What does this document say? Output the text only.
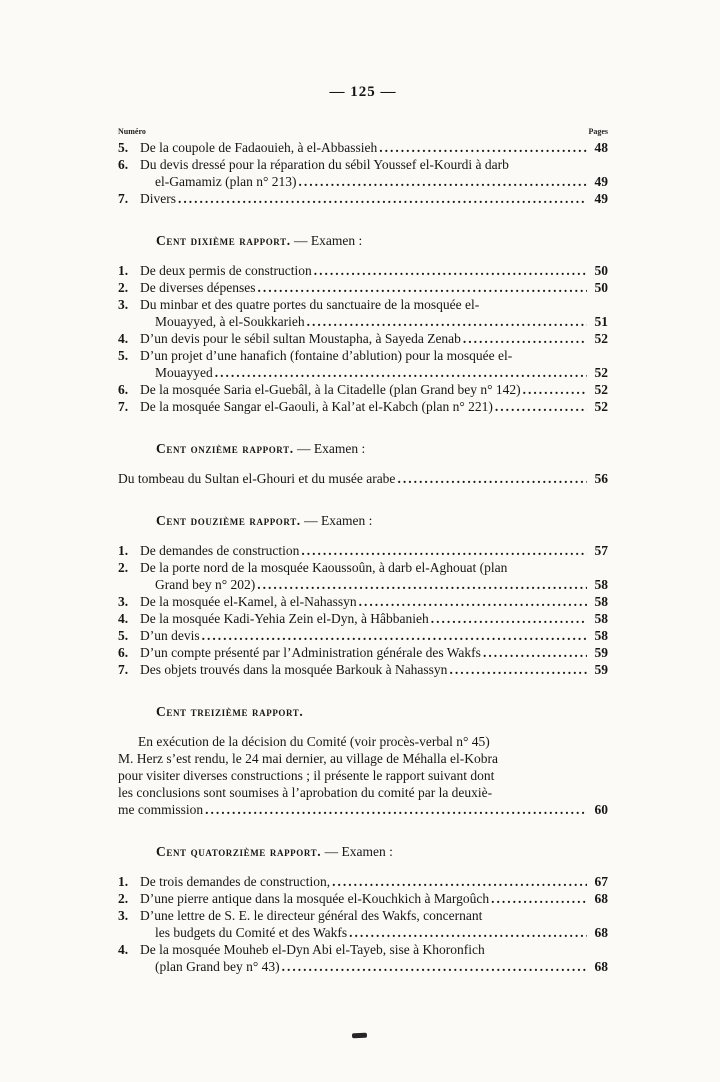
— 125 —
Numéro	Pages
5. De la coupole de Fadaouieh, à el-Abbassieh .....	48
6. Du devis dressé pour la réparation du sébil Youssef el-Kourdi à darb
el-Gamamiz (plan n° 213) .....	49
7. Divers .....	49
Cent dixième rapport. — Examen :
1. De deux permis de construction .....	50
2. De diverses dépenses .....	50
3. Du minbar et des quatre portes du sanctuaire de la mosquée el-
Mouayyed, à el-Soukkarieh .....	51
4. D’un devis pour le sébil sultan Moustapha, à Sayeda Zenab .....	52
5. D’un projet d’une hanafich (fontaine d’ablution) pour la mosquée el-
Mouayyed .....	52
6. De la mosquée Saria el-Guebâl, à la Citadelle (plan Grand bey n° 142) .....	52
7. De la mosquée Sangar el-Gaouli, à Kal’at el-Kabch (plan n° 221) .....	52
Cent onzième rapport. — Examen :
Du tombeau du Sultan el-Ghouri et du musée arabe .....	56
Cent douzième rapport. — Examen :
1. De demandes de construction .....	57
2. De la porte nord de la mosquée Kaoussoûn, à darb el-Aghouat (plan
Grand bey n° 202) .....	58
3. De la mosquée el-Kamel, à el-Nahassyn .....	58
4. De la mosquée Kadi-Yehia Zein el-Dyn, à Hâbbanieh .....	58
5. D’un devis .....	58
6. D’un compte présenté par l’Administration générale des Wakfs .....	59
7. Des objets trouvés dans la mosquée Barkouk à Nahassyn .....	59
Cent treizième rapport.
En exécution de la décision du Comité (voir procès-verbal n° 45)
M. Herz s’est rendu, le 24 mai dernier, au village de Méhalla el-Kobra
pour visiter diverses constructions ; il présente le rapport suivant dont
les conclusions sont soumises à l’aprobation du comité par la deuxiè-
me commission .....	60
Cent quatorzième rapport. — Examen :
1. De trois demandes de construction, .....	67
2. D’une pierre antique dans la mosquée el-Kouchkich à Margoûch .....	68
3. D’une lettre de S. E. le directeur général des Wakfs, concernant
les budgets du Comité et des Wakfs .....	68
4. De la mosquée Mouheb el-Dyn Abi el-Tayeb, sise à Khoronfich
(plan Grand bey n° 43) .....	68
